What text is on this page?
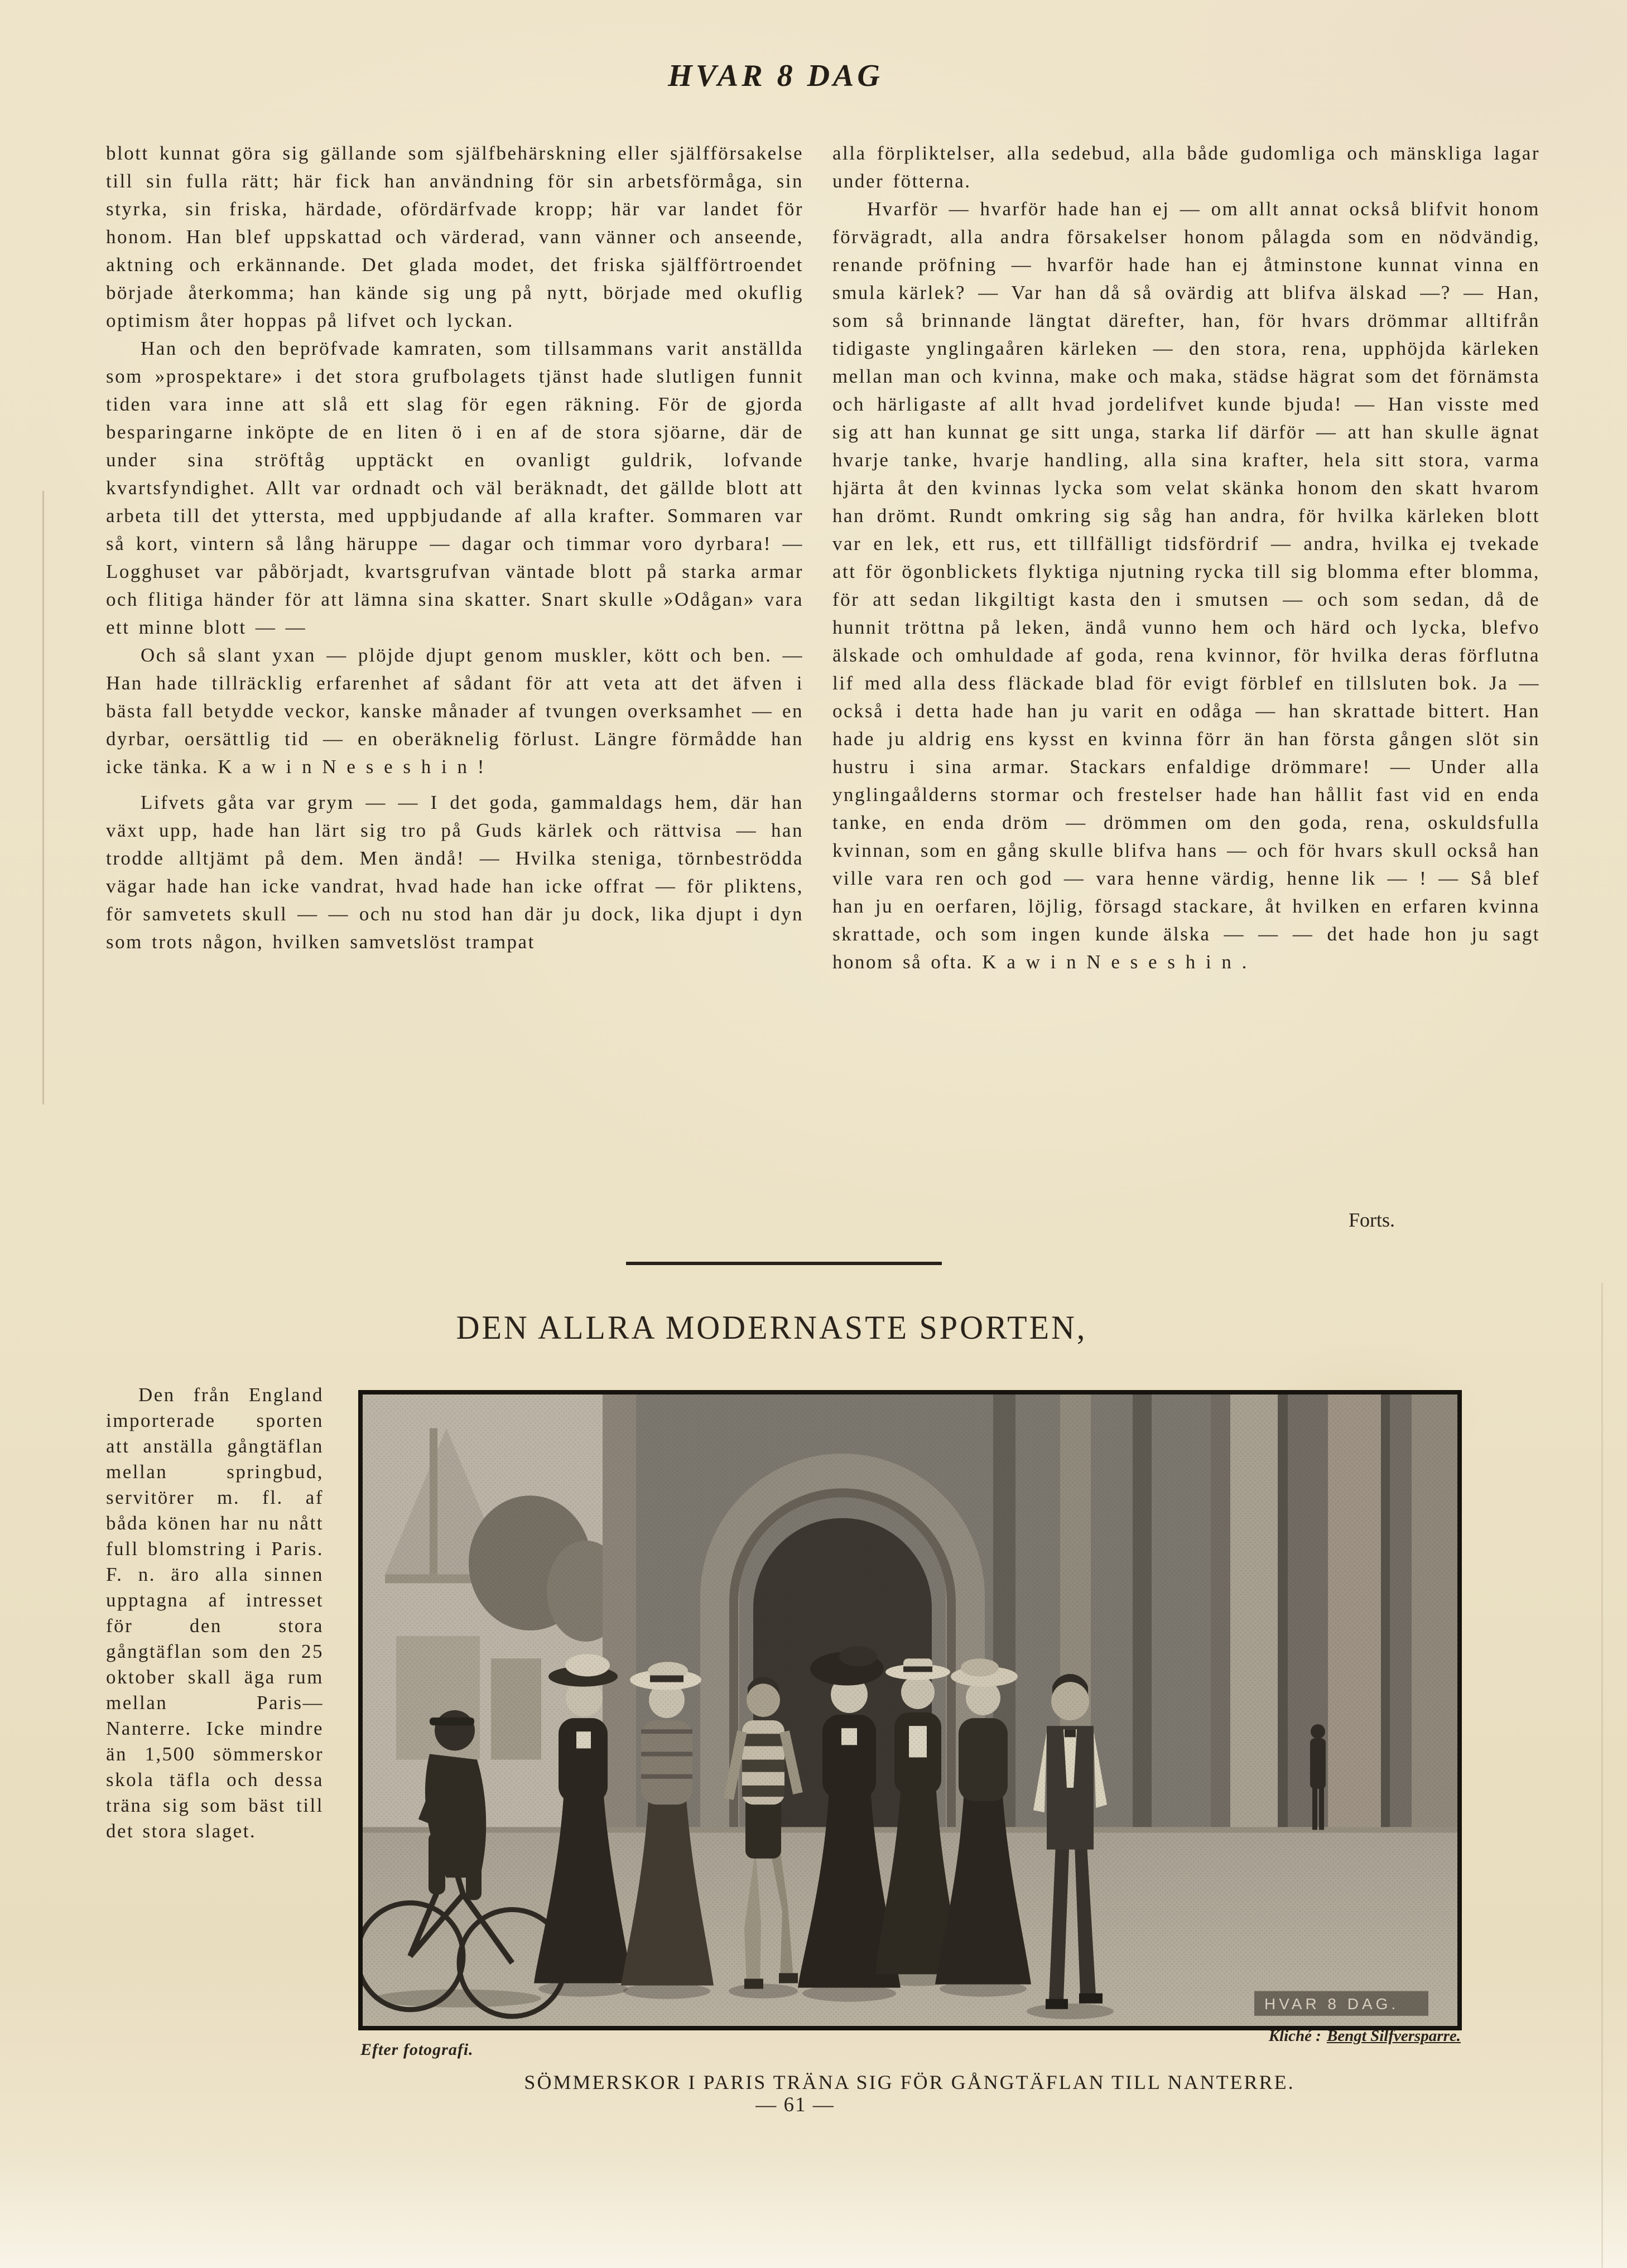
HVAR 8 DAG

blott kunnat göra sig gällande som själfbehärskning eller själfförsakelse till sin fulla rätt; här fick han användning för sin arbetsförmåga, sin styrka, sin friska, härdade, ofördärfvade kropp; här var landet för honom. Han blef uppskattad och värderad, vann vänner och anseende, aktning och erkännande. Det glada modet, det friska själfförtroendet började återkomma; han kände sig ung på nytt, började med okuflig optimism åter hoppas på lifvet och lyckan.

Han och den bepröfvade kamraten, som tillsammans varit anställda som »prospektare» i det stora grufbolagets tjänst hade slutligen funnit tiden vara inne att slå ett slag för egen räkning. För de gjorda besparingarne inköpte de en liten ö i en af de stora sjöarne, där de under sina ströftåg upptäckt en ovanligt guldrik, lofvande kvartsfyndighet. Allt var ordnadt och väl beräknadt, det gällde blott att arbeta till det yttersta, med uppbjudande af alla krafter. Sommaren var så kort, vintern så lång häruppe — dagar och timmar voro dyrbara! — Logghuset var påbörjadt, kvartsgrufvan väntade blott på starka armar och flitiga händer för att lämna sina skatter. Snart skulle »Odågan» vara ett minne blott — —

Och så slant yxan — plöjde djupt genom muskler, kött och ben. — Han hade tillräcklig erfarenhet af sådant för att veta att det äfven i bästa fall betydde veckor, kanske månader af tvungen overksamhet — en dyrbar, oersättlig tid — en oberäknelig förlust. Längre förmådde han icke tänka. K a w i n N e s e s h i n !

Lifvets gåta var grym — — I det goda, gammaldags hem, där han växt upp, hade han lärt sig tro på Guds kärlek och rättvisa — han trodde alltjämt på dem. Men ändå! — Hvilka steniga, törnbeströdda vägar hade han icke vandrat, hvad hade han icke offrat — för pliktens, för samvetets skull — — och nu stod han där ju dock, lika djupt i dyn som trots någon, hvilken samvetslöst trampat

alla förpliktelser, alla sedebud, alla både gudomliga och mänskliga lagar under fötterna.

Hvarför — hvarför hade han ej — om allt annat också blifvit honom förvägradt, alla andra försakelser honom pålagda som en nödvändig, renande pröfning — hvarför hade han ej åtminstone kunnat vinna en smula kärlek? — Var han då så ovärdig att blifva älskad —? — Han, som så brinnande längtat därefter, han, för hvars drömmar alltifrån tidigaste ynglingaåren kärleken — den stora, rena, upphöjda kärleken mellan man och kvinna, make och maka, städse hägrat som det förnämsta och härligaste af allt hvad jordelifvet kunde bjuda! — Han visste med sig att han kunnat ge sitt unga, starka lif därför — att han skulle ägnat hvarje tanke, hvarje handling, alla sina krafter, hela sitt stora, varma hjärta åt den kvinnas lycka som velat skänka honom den skatt hvarom han drömt. Rundt omkring sig såg han andra, för hvilka kärleken blott var en lek, ett rus, ett tillfälligt tidsfördrif — andra, hvilka ej tvekade att för ögonblickets flyktiga njutning rycka till sig blomma efter blomma, för att sedan likgiltigt kasta den i smutsen — och som sedan, då de hunnit tröttna på leken, ändå vunno hem och härd och lycka, blefvo älskade och omhuldade af goda, rena kvinnor, för hvilka deras förflutna lif med alla dess fläckade blad för evigt förblef en tillsluten bok. Ja — också i detta hade han ju varit en odåga — han skrattade bittert. Han hade ju aldrig ens kysst en kvinna förr än han första gången slöt sin hustru i sina armar. Stackars enfaldige drömmare! — Under alla ynglingaålderns stormar och frestelser hade han hållit fast vid en enda tanke, en enda dröm — drömmen om den goda, rena, oskuldsfulla kvinnan, som en gång skulle blifva hans — och för hvars skull också han ville vara ren och god — vara henne värdig, henne lik — ! — Så blef han ju en oerfaren, löjlig, försagd stackare, åt hvilken en erfaren kvinna skrattade, och som ingen kunde älska — — — det hade hon ju sagt honom så ofta. K a w i n N e s e s h i n .

Forts.
DEN ALLRA MODERNASTE SPORTEN,

Den från England importerade sporten att anställa gångtäflan mellan springbud, servitörer m. fl. af båda könen har nu nått full blomstring i Paris. F. n. äro alla sinnen upptagna af intresset för den stora gångtäflan som den 25 oktober skall äga rum mellan Paris— Nanterre. Icke mindre än 1,500 sömmerskor skola täfla och dessa träna sig som bäst till det stora slaget.

Efter fotografi.
Kliché : Bengt Silfversparre.
SÖMMERSKOR I PARIS TRÄNA SIG FÖR GÅNGTÄFLAN TILL NANTERRE.
— 61 —
